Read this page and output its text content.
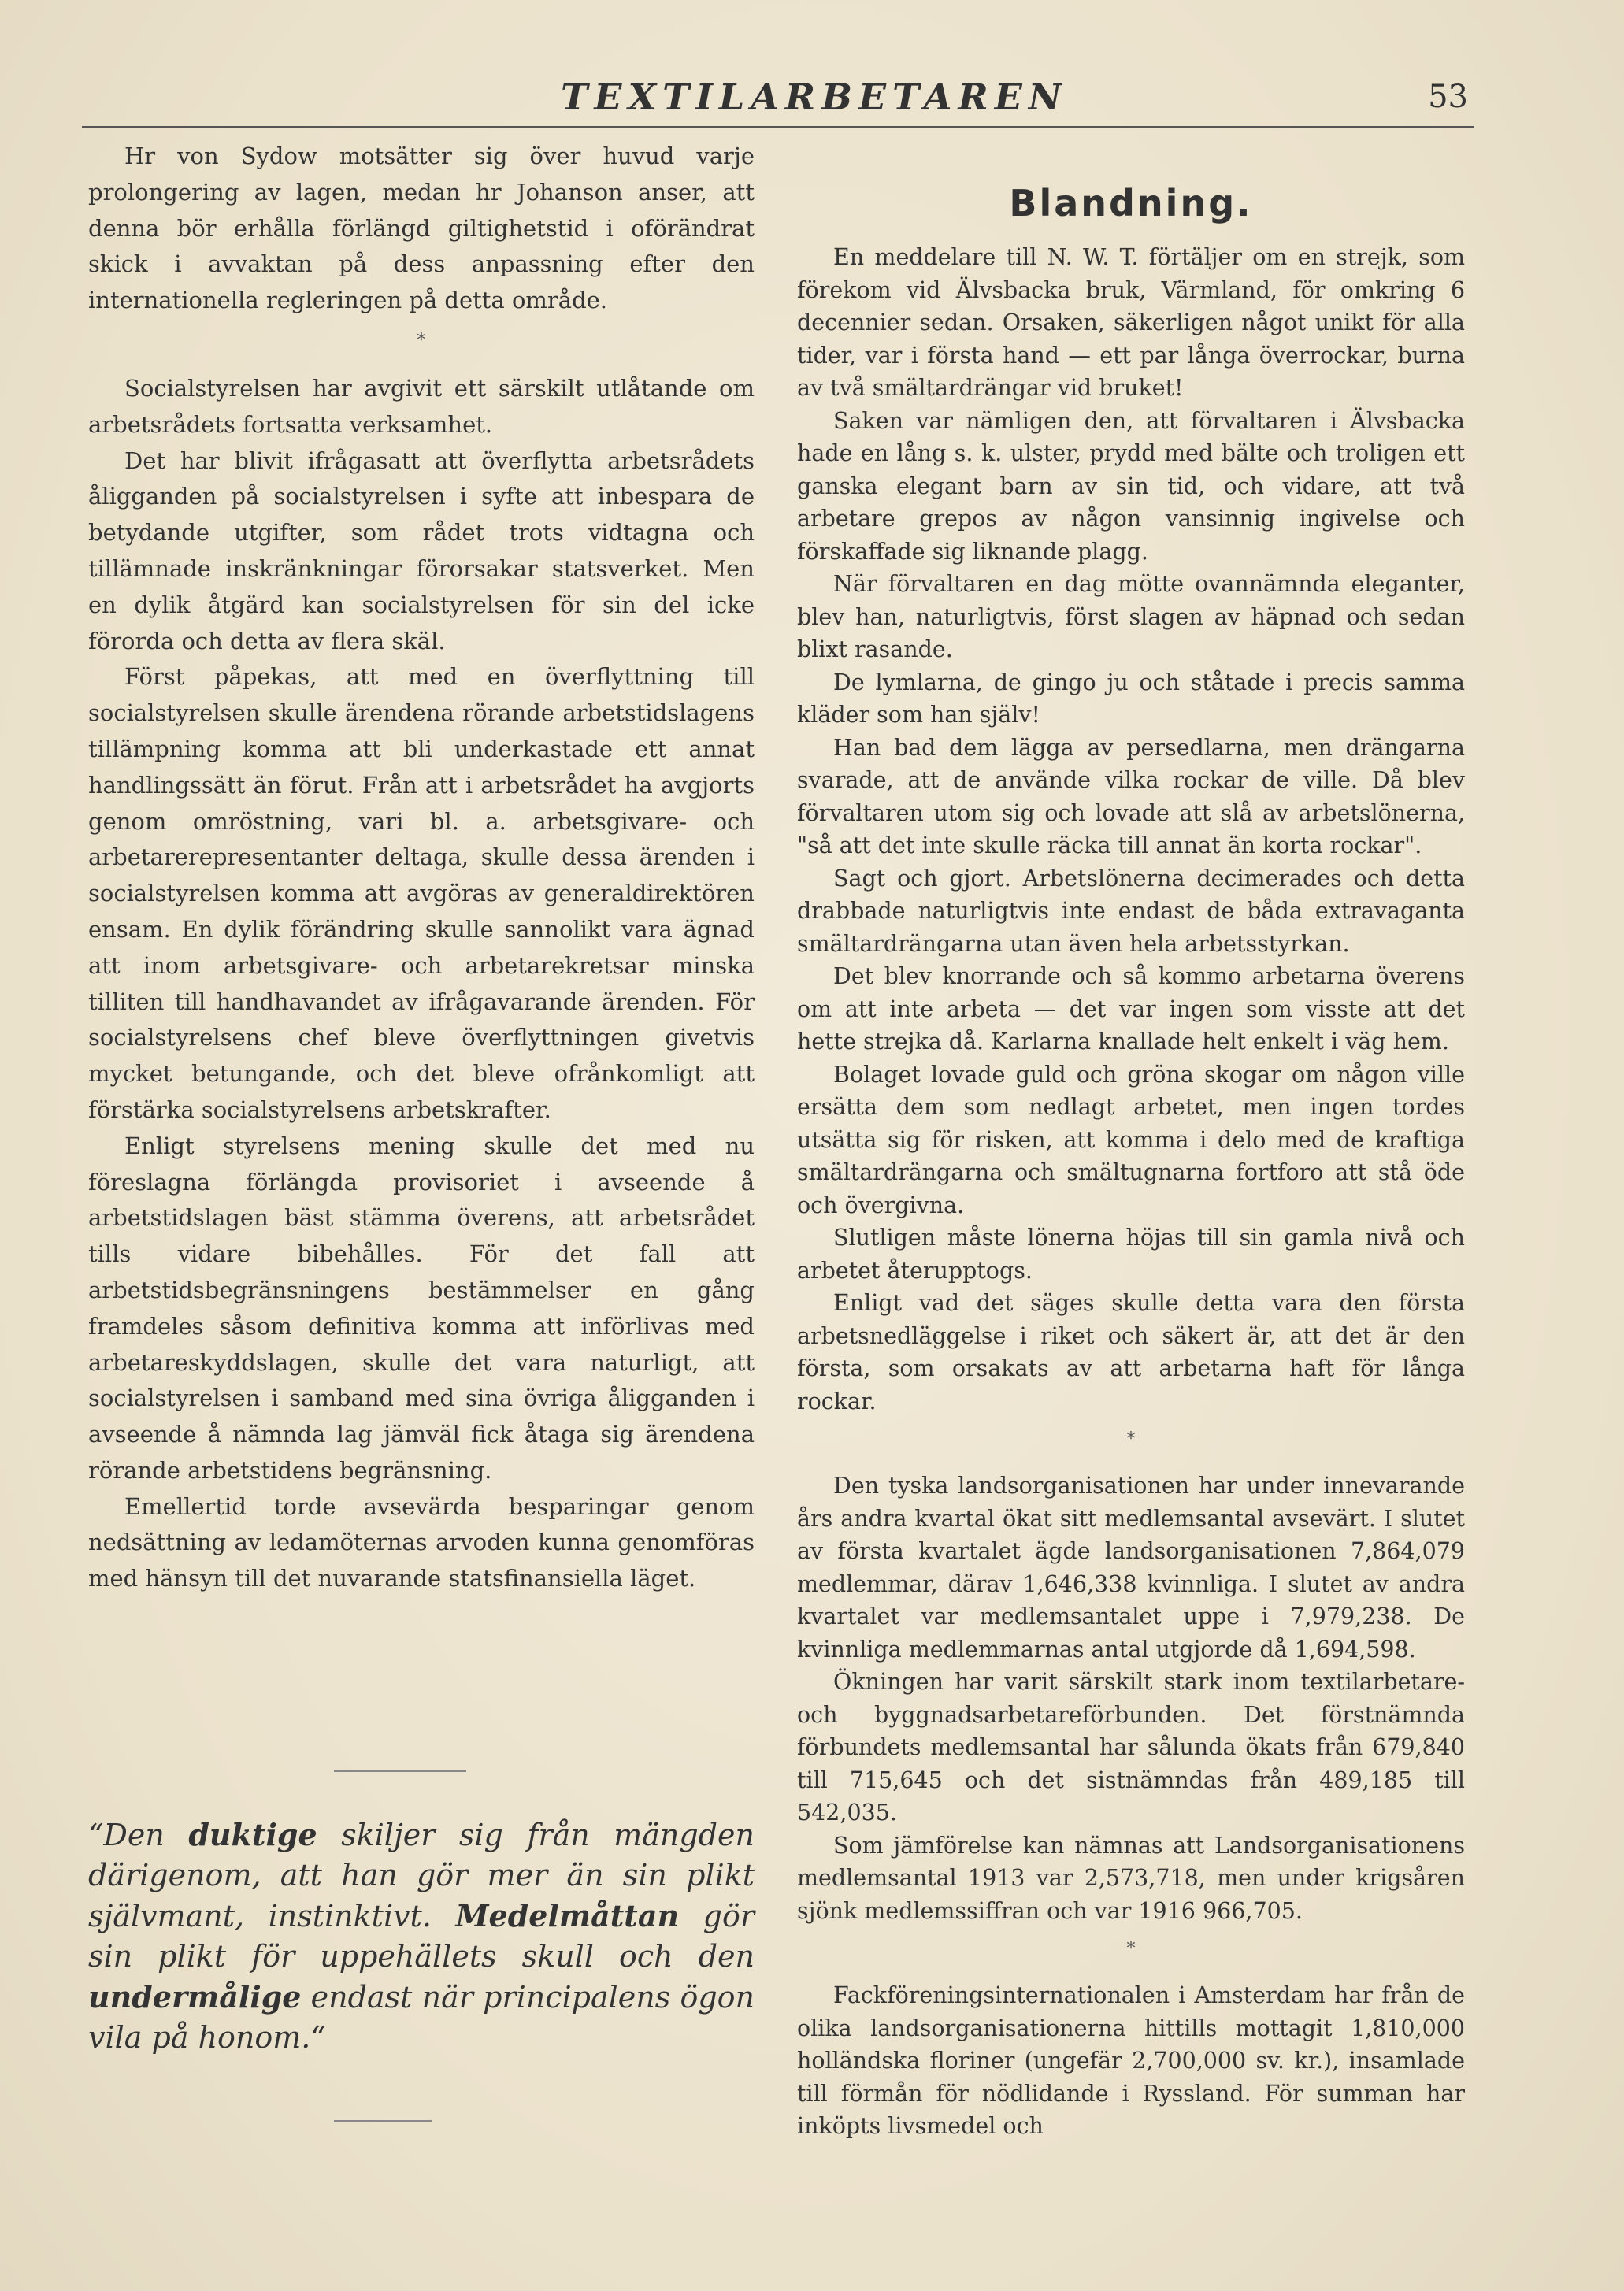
TEXTILARBETAREN	53

Hr von Sydow motsätter sig över huvud varje prolongering av lagen, medan hr Johanson anser, att denna bör erhålla förlängd giltighetstid i oförändrat skick i avvaktan på dess anpassning efter den internationella regleringen på detta område.

*

Socialstyrelsen har avgivit ett särskilt utlåtande om arbetsrådets fortsatta verksamhet.

Det har blivit ifrågasatt att överflytta arbetsrådets åligganden på socialstyrelsen i syfte att inbespara de betydande utgifter, som rådet trots vidtagna och tillämnade inskränkningar förorsakar statsverket. Men en dylik åtgärd kan socialstyrelsen för sin del icke förorda och detta av flera skäl.

Först påpekas, att med en överflyttning till socialstyrelsen skulle ärendena rörande arbetstidslagens tillämpning komma att bli underkastade ett annat handlingssätt än förut. Från att i arbetsrådet ha avgjorts genom omröstning, vari bl. a. arbetsgivare- och arbetarerepresentanter deltaga, skulle dessa ärenden i socialstyrelsen komma att avgöras av generaldirektören ensam. En dylik förändring skulle sannolikt vara ägnad att inom arbetsgivare- och arbetarekretsar minska tilliten till handhavandet av ifrågavarande ärenden. För socialstyrelsens chef bleve överflyttningen givetvis mycket betungande, och det bleve ofrånkomligt att förstärka socialstyrelsens arbetskrafter.

Enligt styrelsens mening skulle det med nu föreslagna förlängda provisoriet i avseende å arbetstidslagen bäst stämma överens, att arbetsrådet tills vidare bibehålles. För det fall att arbetstidsbegränsningens bestämmelser en gång framdeles såsom definitiva komma att införlivas med arbetareskyddslagen, skulle det vara naturligt, att socialstyrelsen i samband med sina övriga åligganden i avseende å nämnda lag jämväl fick åtaga sig ärendena rörande arbetstidens begränsning.

Emellertid torde avsevärda besparingar genom nedsättning av ledamöternas arvoden kunna genomföras med hänsyn till det nuvarande statsfinansiella läget.

“Den duktige skiljer sig från mängden därigenom, att han gör mer än sin plikt självmant, instinktivt. Medelmåttan gör sin plikt för uppehällets skull och den undermålige endast när principalens ögon vila på honom.“
Blandning.

En meddelare till N. W. T. förtäljer om en strejk, som förekom vid Älvsbacka bruk, Värmland, för omkring 6 decennier sedan. Orsaken, säkerligen något unikt för alla tider, var i första hand — ett par långa överrockar, burna av två smältardrängar vid bruket!

Saken var nämligen den, att förvaltaren i Älvsbacka hade en lång s. k. ulster, prydd med bälte och troligen ett ganska elegant barn av sin tid, och vidare, att två arbetare grepos av någon vansinnig ingivelse och förskaffade sig liknande plagg.

När förvaltaren en dag mötte ovannämnda eleganter, blev han, naturligtvis, först slagen av häpnad och sedan blixt rasande.

De lymlarna, de gingo ju och ståtade i precis samma kläder som han själv!

Han bad dem lägga av persedlarna, men drängarna svarade, att de använde vilka rockar de ville. Då blev förvaltaren utom sig och lovade att slå av arbetslönerna, "så att det inte skulle räcka till annat än korta rockar".

Sagt och gjort. Arbetslönerna decimerades och detta drabbade naturligtvis inte endast de båda extravaganta smältardrängarna utan även hela arbetsstyrkan.

Det blev knorrande och så kommo arbetarna överens om att inte arbeta — det var ingen som visste att det hette strejka då. Karlarna knallade helt enkelt i väg hem.

Bolaget lovade guld och gröna skogar om någon ville ersätta dem som nedlagt arbetet, men ingen tordes utsätta sig för risken, att komma i delo med de kraftiga smältardrängarna och smältugnarna fortforo att stå öde och övergivna.

Slutligen måste lönerna höjas till sin gamla nivå och arbetet återupptogs.

Enligt vad det säges skulle detta vara den första arbetsnedläggelse i riket och säkert är, att det är den första, som orsakats av att arbetarna haft för långa rockar.

*

Den tyska landsorganisationen har under innevarande års andra kvartal ökat sitt medlemsantal avsevärt. I slutet av första kvartalet ägde landsorganisationen 7,864,079 medlemmar, därav 1,646,338 kvinnliga. I slutet av andra kvartalet var medlemsantalet uppe i 7,979,238. De kvinnliga medlemmarnas antal utgjorde då 1,694,598.

Ökningen har varit särskilt stark inom textilarbetare- och byggnadsarbetareförbunden. Det förstnämnda förbundets medlemsantal har sålunda ökats från 679,840 till 715,645 och det sistnämndas från 489,185 till 542,035.

Som jämförelse kan nämnas att Landsorganisationens medlemsantal 1913 var 2,573,718, men under krigsåren sjönk medlemssiffran och var 1916 966,705.

*

Fackföreningsinternationalen i Amsterdam har från de olika landsorganisationerna hittills mottagit 1,810,000 holländska floriner (ungefär 2,700,000 sv. kr.), insamlade till förmån för nödlidande i Ryssland. För summan har inköpts livsmedel och
